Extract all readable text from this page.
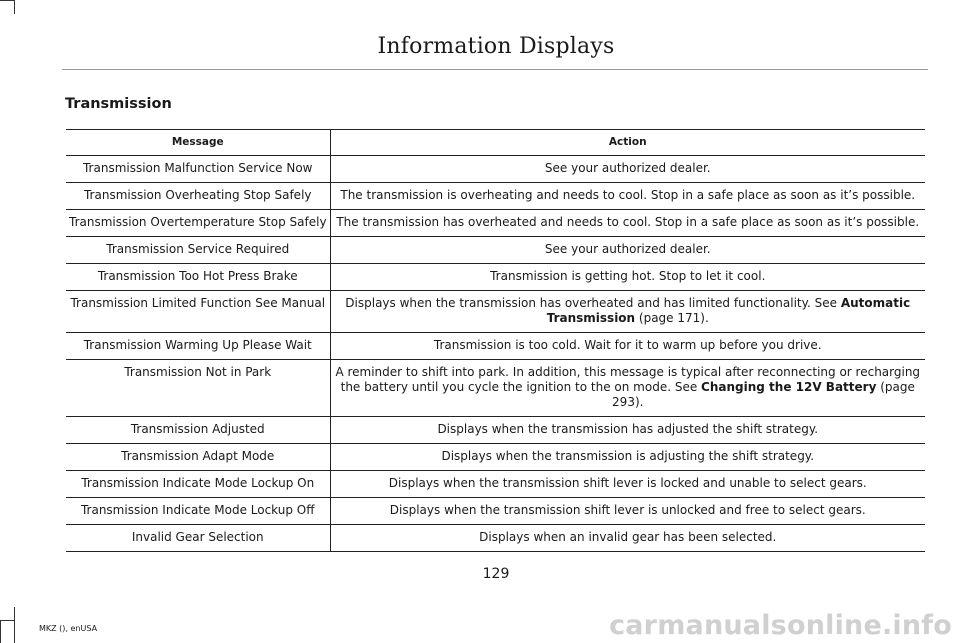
Information Displays
Transmission
Message	Action
Transmission Malfunction Service Now	See your authorized dealer.
Transmission Overheating Stop Safely	The transmission is overheating and needs to cool. Stop in a safe place as soon as it’s possible.
Transmission Overtemperature Stop Safely	The transmission has overheated and needs to cool. Stop in a safe place as soon as it’s possible.
Transmission Service Required	See your authorized dealer.
Transmission Too Hot Press Brake	Transmission is getting hot. Stop to let it cool.
Transmission Limited Function See Manual	Displays when the transmission has overheated and has limited functionality. See Automatic Transmission (page 171).
Transmission Warming Up Please Wait	Transmission is too cold. Wait for it to warm up before you drive.
Transmission Not in Park	A reminder to shift into park. In addition, this message is typical after reconnecting or recharging the battery until you cycle the ignition to the on mode. See Changing the 12V Battery (page 293).
Transmission Adjusted	Displays when the transmission has adjusted the shift strategy.
Transmission Adapt Mode	Displays when the transmission is adjusting the shift strategy.
Transmission Indicate Mode Lockup On	Displays when the transmission shift lever is locked and unable to select gears.
Transmission Indicate Mode Lockup Off	Displays when the transmission shift lever is unlocked and free to select gears.
Invalid Gear Selection	Displays when an invalid gear has been selected.
129
MKZ (), enUSA	carmanualsonline.info
